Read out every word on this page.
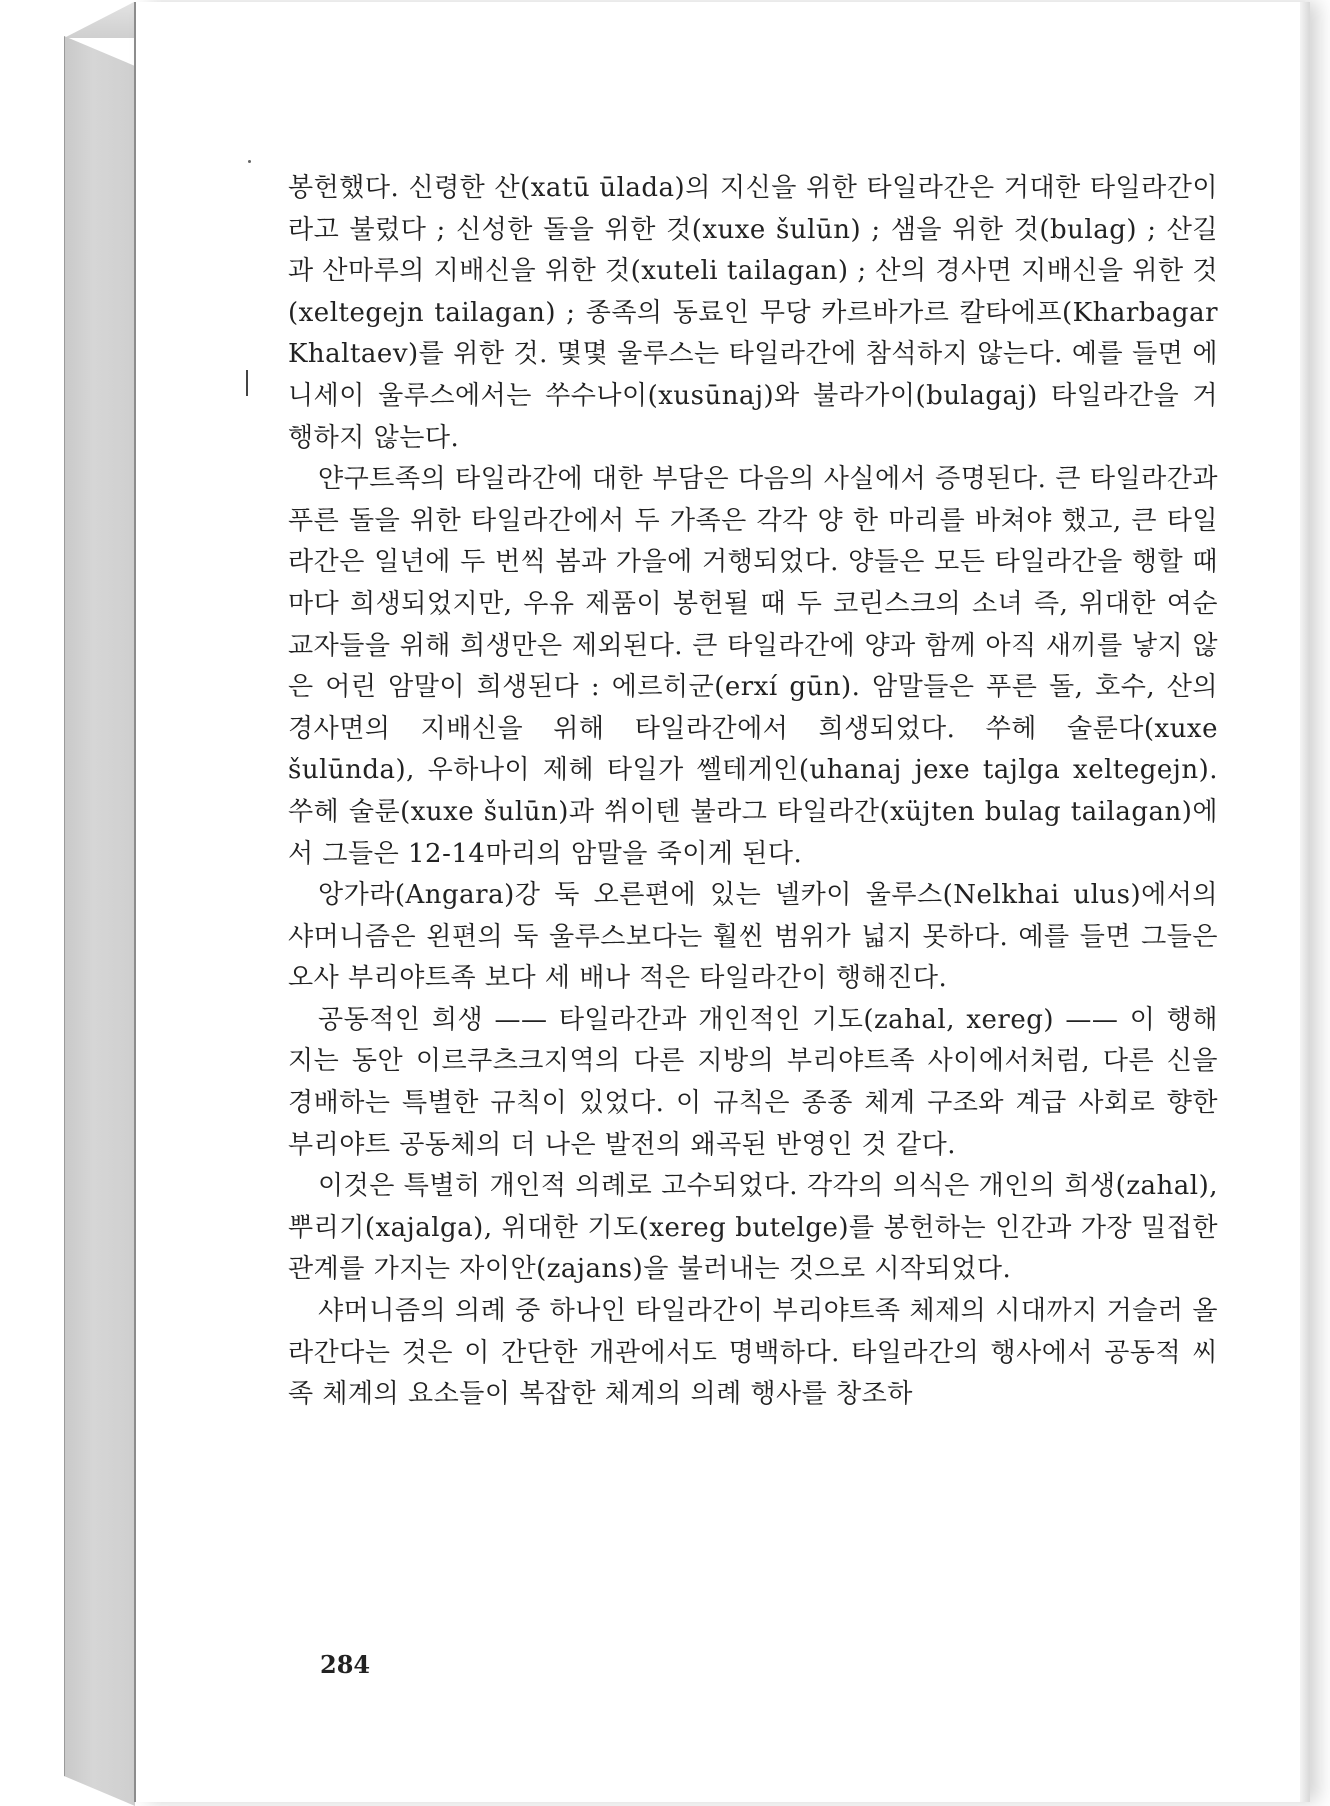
봉헌했다. 신령한 산(xatū ūlada)의 지신을 위한 타일라간은 거대한 타일라간이라고 불렀다 ; 신성한 돌을 위한 것(xuxe šulūn) ; 샘을 위한 것(bulag) ; 산길과 산마루의 지배신을 위한 것(xuteli tailagan) ; 산의 경사면 지배신을 위한 것 (xeltegejn tailagan) ; 종족의 동료인 무당 카르바가르 칼타에프(Kharbagar Khaltaev)를 위한 것. 몇몇 울루스는 타일라간에 참석하지 않는다. 예를 들면 에니세이 울루스에서는 쑤수나이(xusūnaj)와 불라가이(bulagaj) 타일라간을 거행하지 않는다.

얀구트족의 타일라간에 대한 부담은 다음의 사실에서 증명된다. 큰 타일라간과 푸른 돌을 위한 타일라간에서 두 가족은 각각 양 한 마리를 바쳐야 했고, 큰 타일라간은 일년에 두 번씩 봄과 가을에 거행되었다. 양들은 모든 타일라간을 행할 때마다 희생되었지만, 우유 제품이 봉헌될 때 두 코린스크의 소녀 즉, 위대한 여순교자들을 위해 희생만은 제외된다. 큰 타일라간에 양과 함께 아직 새끼를 낳지 않은 어린 암말이 희생된다 : 에르히군(erxí gūn). 암말들은 푸른 돌, 호수, 산의 경사면의 지배신을 위해 타일라간에서 희생되었다. 쑤헤 술룬다(xuxe šulūnda), 우하나이 제헤 타일가 쎌테게인(uhanaj jexe tajlga xeltegejn). 쑤헤 술룬(xuxe šulūn)과 쒸이텐 불라그 타일라간(xüjten bulag tailagan)에서 그들은 12-14마리의 암말을 죽이게 된다.

앙가라(Angara)강 둑 오른편에 있는 넬카이 울루스(Nelkhai ulus)에서의 샤머니즘은 왼편의 둑 울루스보다는 훨씬 범위가 넓지 못하다. 예를 들면 그들은 오사 부리야트족 보다 세 배나 적은 타일라간이 행해진다.

공동적인 희생 —— 타일라간과 개인적인 기도(zahal, xereg) —— 이 행해지는 동안 이르쿠츠크지역의 다른 지방의 부리야트족 사이에서처럼, 다른 신을 경배하는 특별한 규칙이 있었다. 이 규칙은 종종 체계 구조와 계급 사회로 향한 부리야트 공동체의 더 나은 발전의 왜곡된 반영인 것 같다.

이것은 특별히 개인적 의례로 고수되었다. 각각의 의식은 개인의 희생(zahal), 뿌리기(xajalga), 위대한 기도(xereg butelge)를 봉헌하는 인간과 가장 밀접한 관계를 가지는 자이안(zajans)을 불러내는 것으로 시작되었다.

샤머니즘의 의례 중 하나인 타일라간이 부리야트족 체제의 시대까지 거슬러 올라간다는 것은 이 간단한 개관에서도 명백하다. 타일라간의 행사에서 공동적 씨족 체계의 요소들이 복잡한 체계의 의례 행사를 창조하

284
